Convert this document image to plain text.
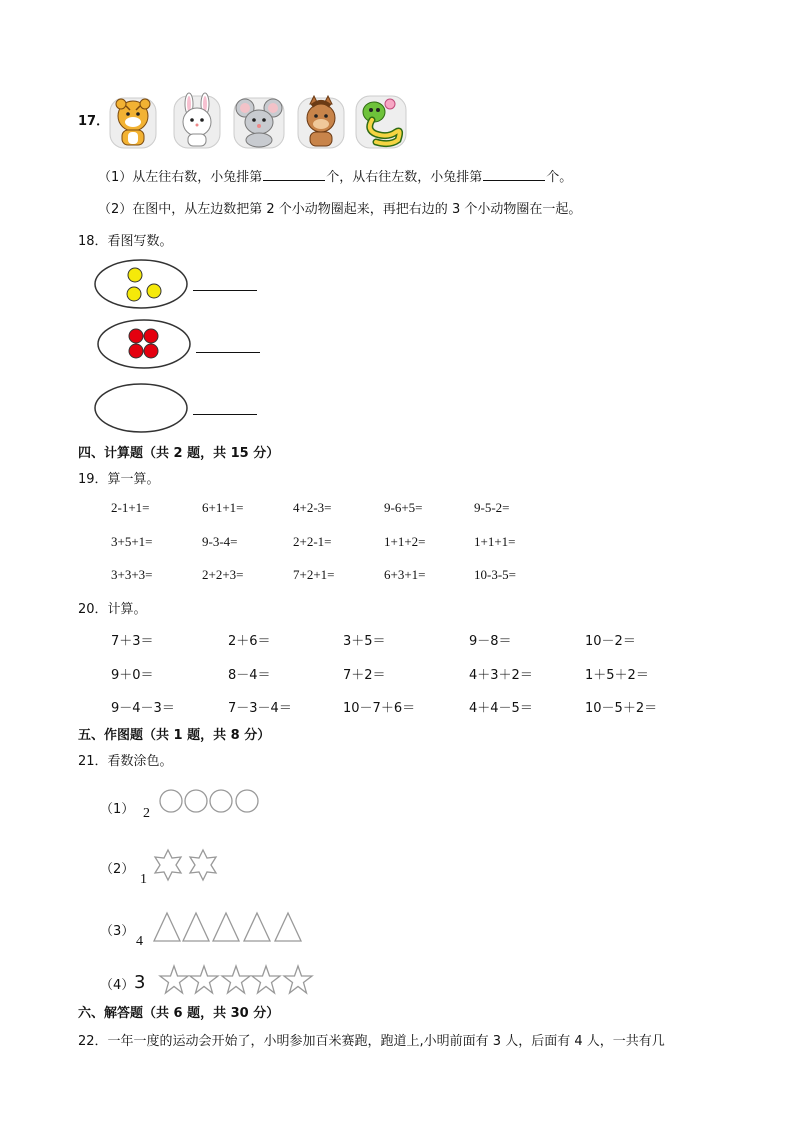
17．
（1）从左往右数，小兔排第	个，从右往左数，小兔排第	个。
（2）在图中，从左边数把第 2 个小动物圈起来，再把右边的 3 个小动物圈在一起。
18．看图写数。
四、计算题（共 2 题，共 15 分）
19．算一算。
2-1+1=	6+1+1=	4+2-3=	9-6+5=	9-5-2=
3+5+1=	9-3-4=	2+2-1=	1+1+2=	1+1+1=
3+3+3=	2+2+3=	7+2+1=	6+3+1=	10-3-5=
20．计算。
7＋3＝	2＋6＝	3＋5＝	9－8＝	10－2＝
9＋0＝	8－4＝	7＋2＝	4＋3＋2＝	1＋5＋2＝
9－4－3＝	7－3－4＝	10－7＋6＝	4＋4－5＝	10－5＋2＝
五、作图题（共 1 题，共 8 分）
21．看数涂色。
（1） 2
（2）
1
（3）
4
（4） 3
六、解答题（共 6 题，共 30 分）
22．一年一度的运动会开始了，小明参加百米赛跑，跑道上,小明前面有 3 人，后面有 4 人，一共有几
